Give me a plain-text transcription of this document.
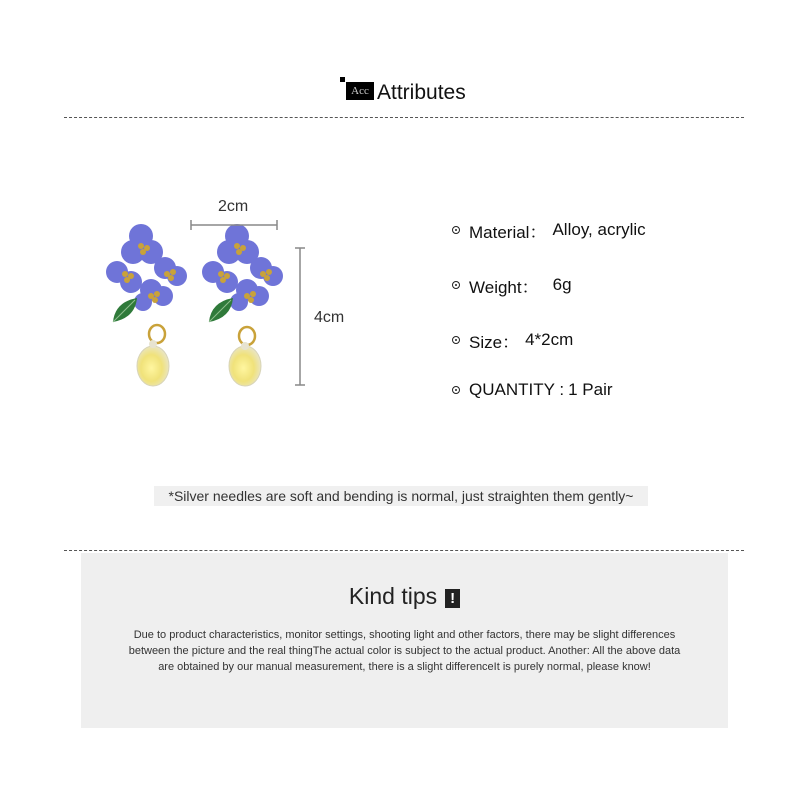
Acc Attributes
2cm
4cm
Material： Alloy, acrylic
Weight： 6g
Size： 4*2cm
QUANTITY : 1 Pair
*Silver needles are soft and bending is normal, just straighten them gently~
Kind tips !
Due to product characteristics, monitor settings, shooting light and other factors, there may be slight differences between the picture and the real thingThe actual color is subject to the actual product. Another: All the above data are obtained by our manual measurement, there is a slight differenceIt is purely normal, please know!
